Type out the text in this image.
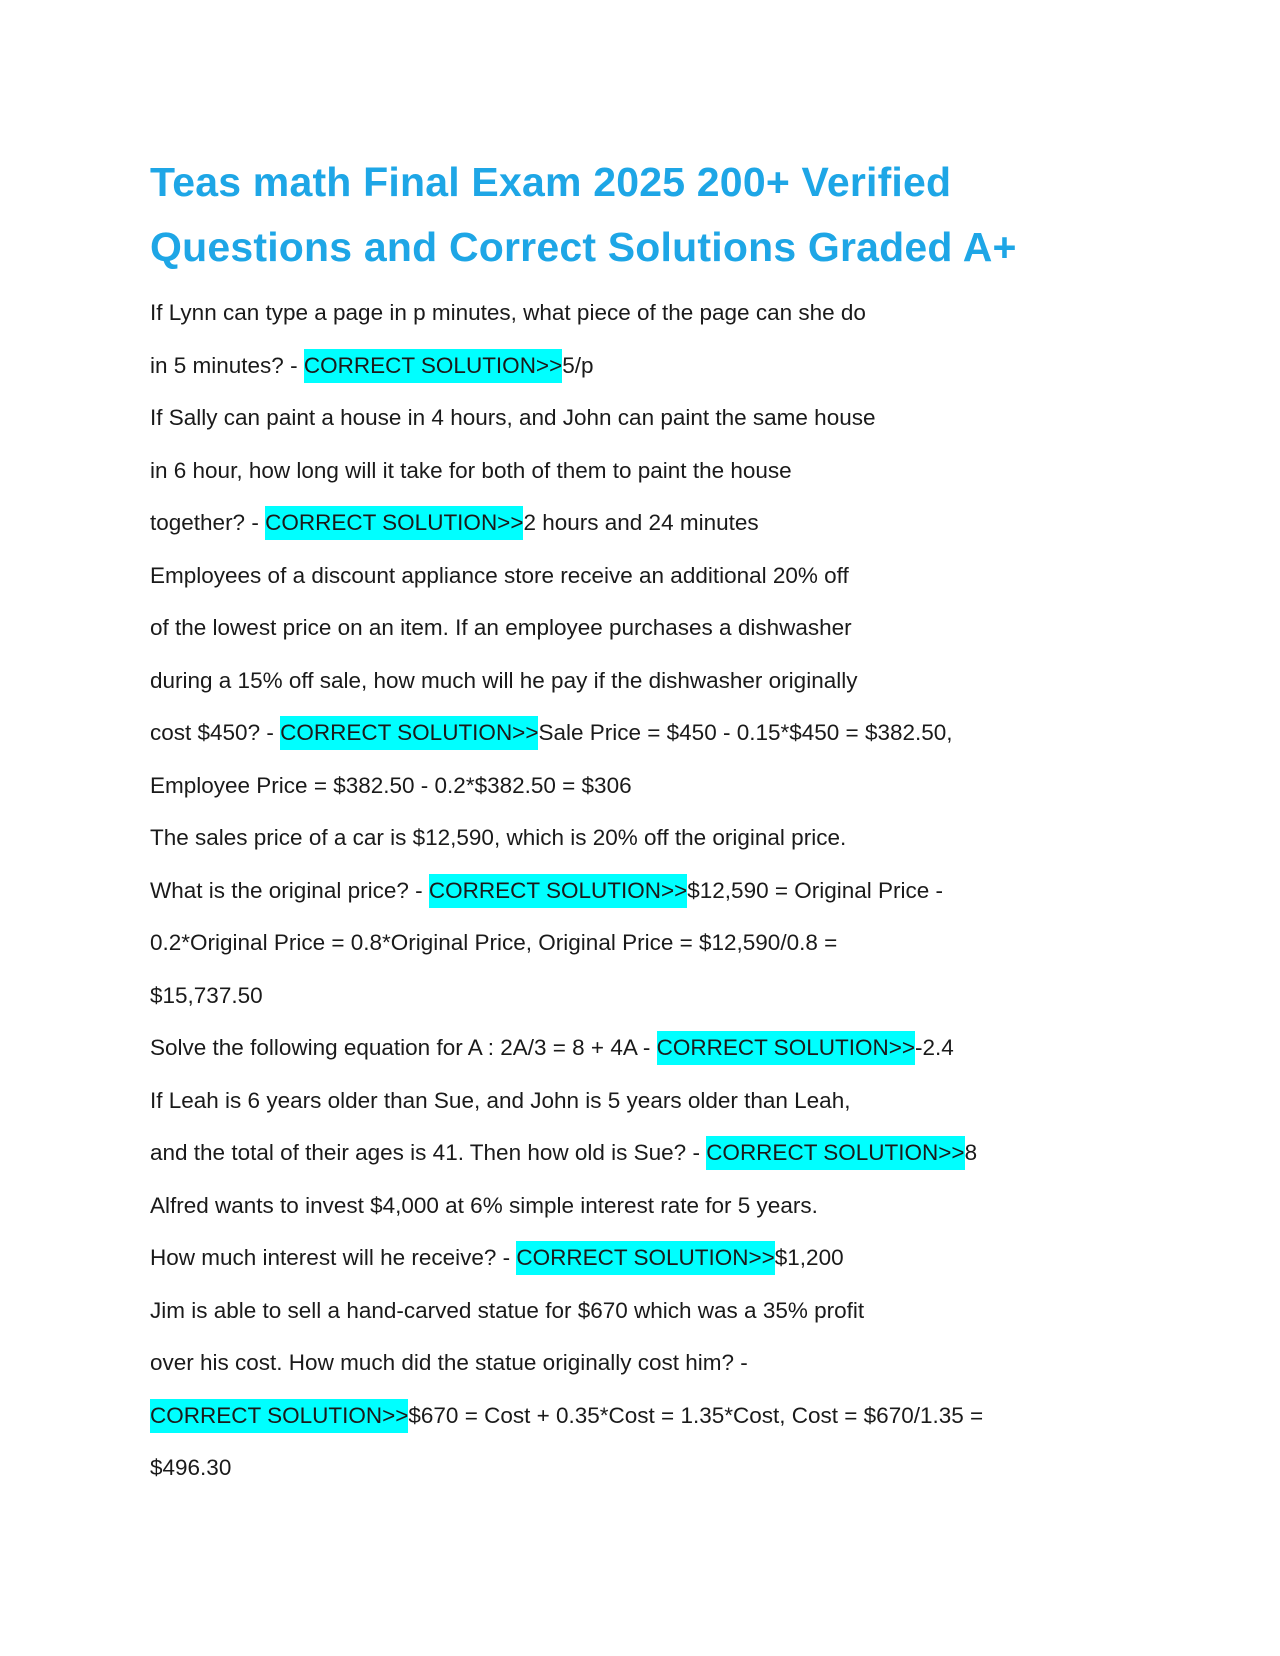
Teas math Final Exam 2025 200+ Verified
Questions and Correct Solutions Graded A+
If Lynn can type a page in p minutes, what piece of the page can she do
in 5 minutes? - CORRECT SOLUTION>>5/p
If Sally can paint a house in 4 hours, and John can paint the same house
in 6 hour, how long will it take for both of them to paint the house
together? - CORRECT SOLUTION>>2 hours and 24 minutes
Employees of a discount appliance store receive an additional 20% off
of the lowest price on an item. If an employee purchases a dishwasher
during a 15% off sale, how much will he pay if the dishwasher originally
cost $450? - CORRECT SOLUTION>>Sale Price = $450 - 0.15*$450 = $382.50,
Employee Price = $382.50 - 0.2*$382.50 = $306
The sales price of a car is $12,590, which is 20% off the original price.
What is the original price? - CORRECT SOLUTION>>$12,590 = Original Price -
0.2*Original Price = 0.8*Original Price, Original Price = $12,590/0.8 =
$15,737.50
Solve the following equation for A : 2A/3 = 8 + 4A - CORRECT SOLUTION>>-2.4
If Leah is 6 years older than Sue, and John is 5 years older than Leah,
and the total of their ages is 41. Then how old is Sue? - CORRECT SOLUTION>>8
Alfred wants to invest $4,000 at 6% simple interest rate for 5 years.
How much interest will he receive? - CORRECT SOLUTION>>$1,200
Jim is able to sell a hand-carved statue for $670 which was a 35% profit
over his cost. How much did the statue originally cost him? -
CORRECT SOLUTION>>$670 = Cost + 0.35*Cost = 1.35*Cost, Cost = $670/1.35 =
$496.30
